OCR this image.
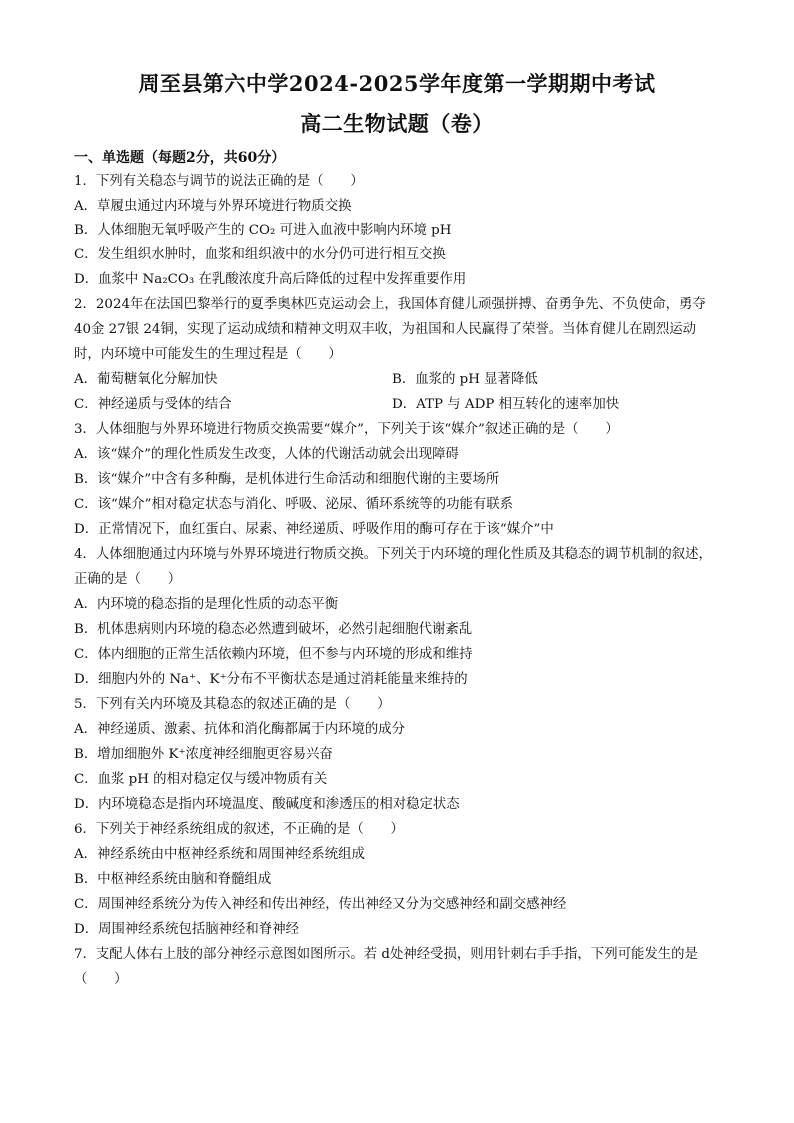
周至县第六中学2024-2025学年度第一学期期中考试
高二生物试题（卷）
一、单选题（每题2分，共60分）
1．下列有关稳态与调节的说法正确的是（　　）
A．草履虫通过内环境与外界环境进行物质交换
B．人体细胞无氧呼吸产生的 CO₂ 可进入血液中影响内环境 pH
C．发生组织水肿时，血浆和组织液中的水分仍可进行相互交换
D．血浆中 Na₂CO₃ 在乳酸浓度升高后降低的过程中发挥重要作用
2．2024年在法国巴黎举行的夏季奥林匹克运动会上，我国体育健儿顽强拼搏、奋勇争先、不负使命，勇夺
40金 27银 24铜，实现了运动成绩和精神文明双丰收，为祖国和人民赢得了荣誉。当体育健儿在剧烈运动
时，内环境中可能发生的生理过程是（　　）
A．葡萄糖氧化分解加快	B．血浆的 pH 显著降低
C．神经递质与受体的结合	D．ATP 与 ADP 相互转化的速率加快
3．人体细胞与外界环境进行物质交换需要“媒介”，下列关于该“媒介”叙述正确的是（　　）
A．该“媒介”的理化性质发生改变，人体的代谢活动就会出现障碍
B．该“媒介”中含有多种酶，是机体进行生命活动和细胞代谢的主要场所
C．该“媒介”相对稳定状态与消化、呼吸、泌尿、循环系统等的功能有联系
D．正常情况下，血红蛋白、尿素、神经递质、呼吸作用的酶可存在于该“媒介”中
4．人体细胞通过内环境与外界环境进行物质交换。下列关于内环境的理化性质及其稳态的调节机制的叙述，
正确的是（　　）
A．内环境的稳态指的是理化性质的动态平衡
B．机体患病则内环境的稳态必然遭到破坏，必然引起细胞代谢紊乱
C．体内细胞的正常生活依赖内环境，但不参与内环境的形成和维持
D．细胞内外的 Na⁺、K⁺分布不平衡状态是通过消耗能量来维持的
5．下列有关内环境及其稳态的叙述正确的是（　　）
A．神经递质、激素、抗体和消化酶都属于内环境的成分
B．增加细胞外 K⁺浓度神经细胞更容易兴奋
C．血浆 pH 的相对稳定仅与缓冲物质有关
D．内环境稳态是指内环境温度、酸碱度和渗透压的相对稳定状态
6．下列关于神经系统组成的叙述，不正确的是（　　）
A．神经系统由中枢神经系统和周围神经系统组成
B．中枢神经系统由脑和脊髓组成
C．周围神经系统分为传入神经和传出神经，传出神经又分为交感神经和副交感神经
D．周围神经系统包括脑神经和脊神经
7．支配人体右上肢的部分神经示意图如图所示。若 d处神经受损，则用针刺右手手指，下列可能发生的是
（　　）
